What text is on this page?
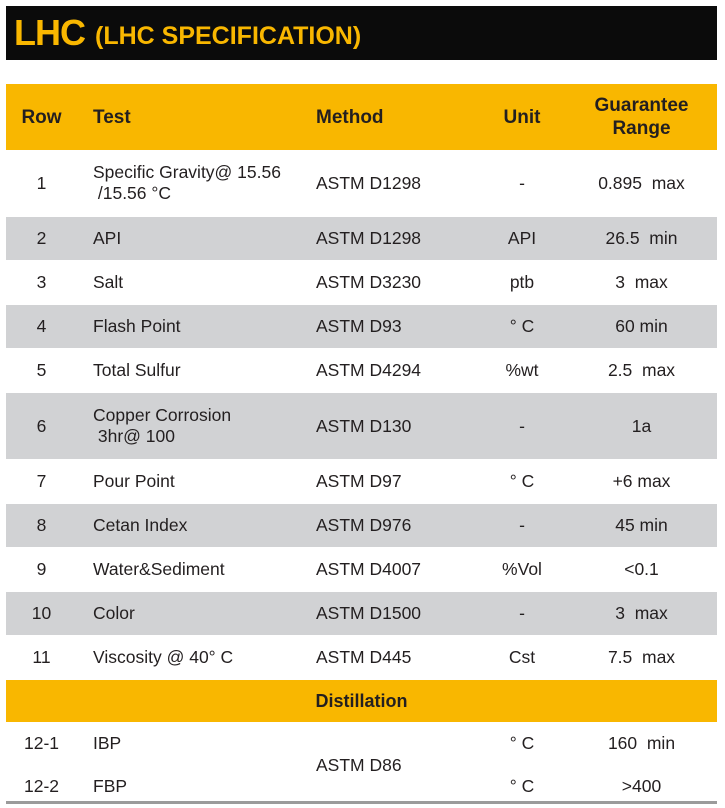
LHC (LHC SPECIFICATION)
Row	Test	Method	Unit	Guarantee
Range

1	Specific Gravity@ 15.56
/15.56 °C	ASTM D1298	-	0.895  max
2	API	ASTM D1298	API	26.5  min
3	Salt	ASTM D3230	ptb	3  max
4	Flash Point	ASTM D93	° C	60 min
5	Total Sulfur	ASTM D4294	%wt	2.5  max
6	Copper Corrosion
3hr@ 100	ASTM D130	-	1a
7	Pour Point	ASTM D97	° C	+6 max
8	Cetan Index	ASTM D976	-	45 min
9	Water&Sediment	ASTM D4007	%Vol	<0.1
10	Color	ASTM D1500	-	3  max
11	Viscosity @ 40° C	ASTM D445	Cst	7.5  max
Distillation				
12-1	IBP	ASTM D86	° C	160  min
12-2	FBP		° C	>400
